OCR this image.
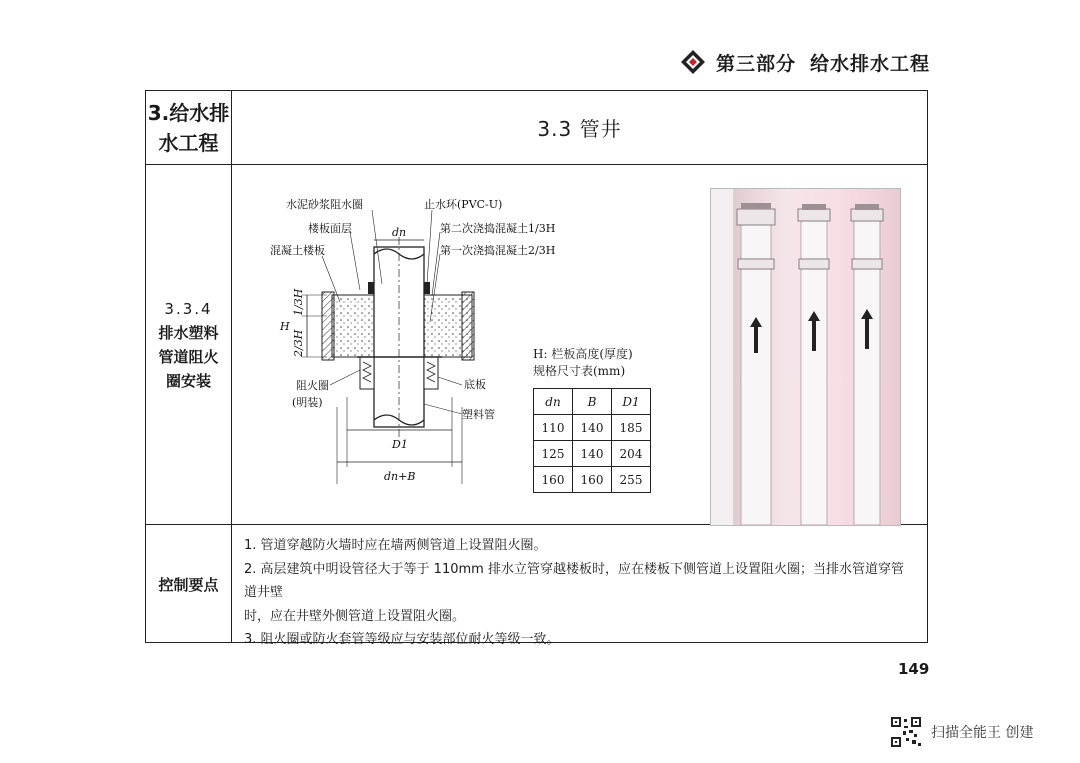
第三部分 给水排水工程
3.给水排
水工程
3.3 管井
3.3.4
排水塑料
管道阻火
圈安装
控制要点

1. 管道穿越防火墙时应在墙两侧管道上设置阻火圈。

2. 高层建筑中明设管径大于等于 110mm 排水立管穿越楼板时，应在楼板下侧管道上设置阻火圈；当排水管道穿管道井壁

时，应在井壁外侧管道上设置阻火圈。

3. 阻火圈或防火套管等级应与安装部位耐火等级一致。

水泥砂浆阻水圈
楼板面层
混凝土楼板
止水环(PVC-U)
第二次浇捣混凝土1/3H
第一次浇捣混凝土2/3H
dn
1/3H
2/3H
H
阻火圈
(明装)
底板
塑料管
D1
dn+B
H: 栏板高度(厚度)
规格尺寸表(mm)
dn	B	D1
110	140	185
125	140	204
160	160	255
149
扫描全能王 创建
